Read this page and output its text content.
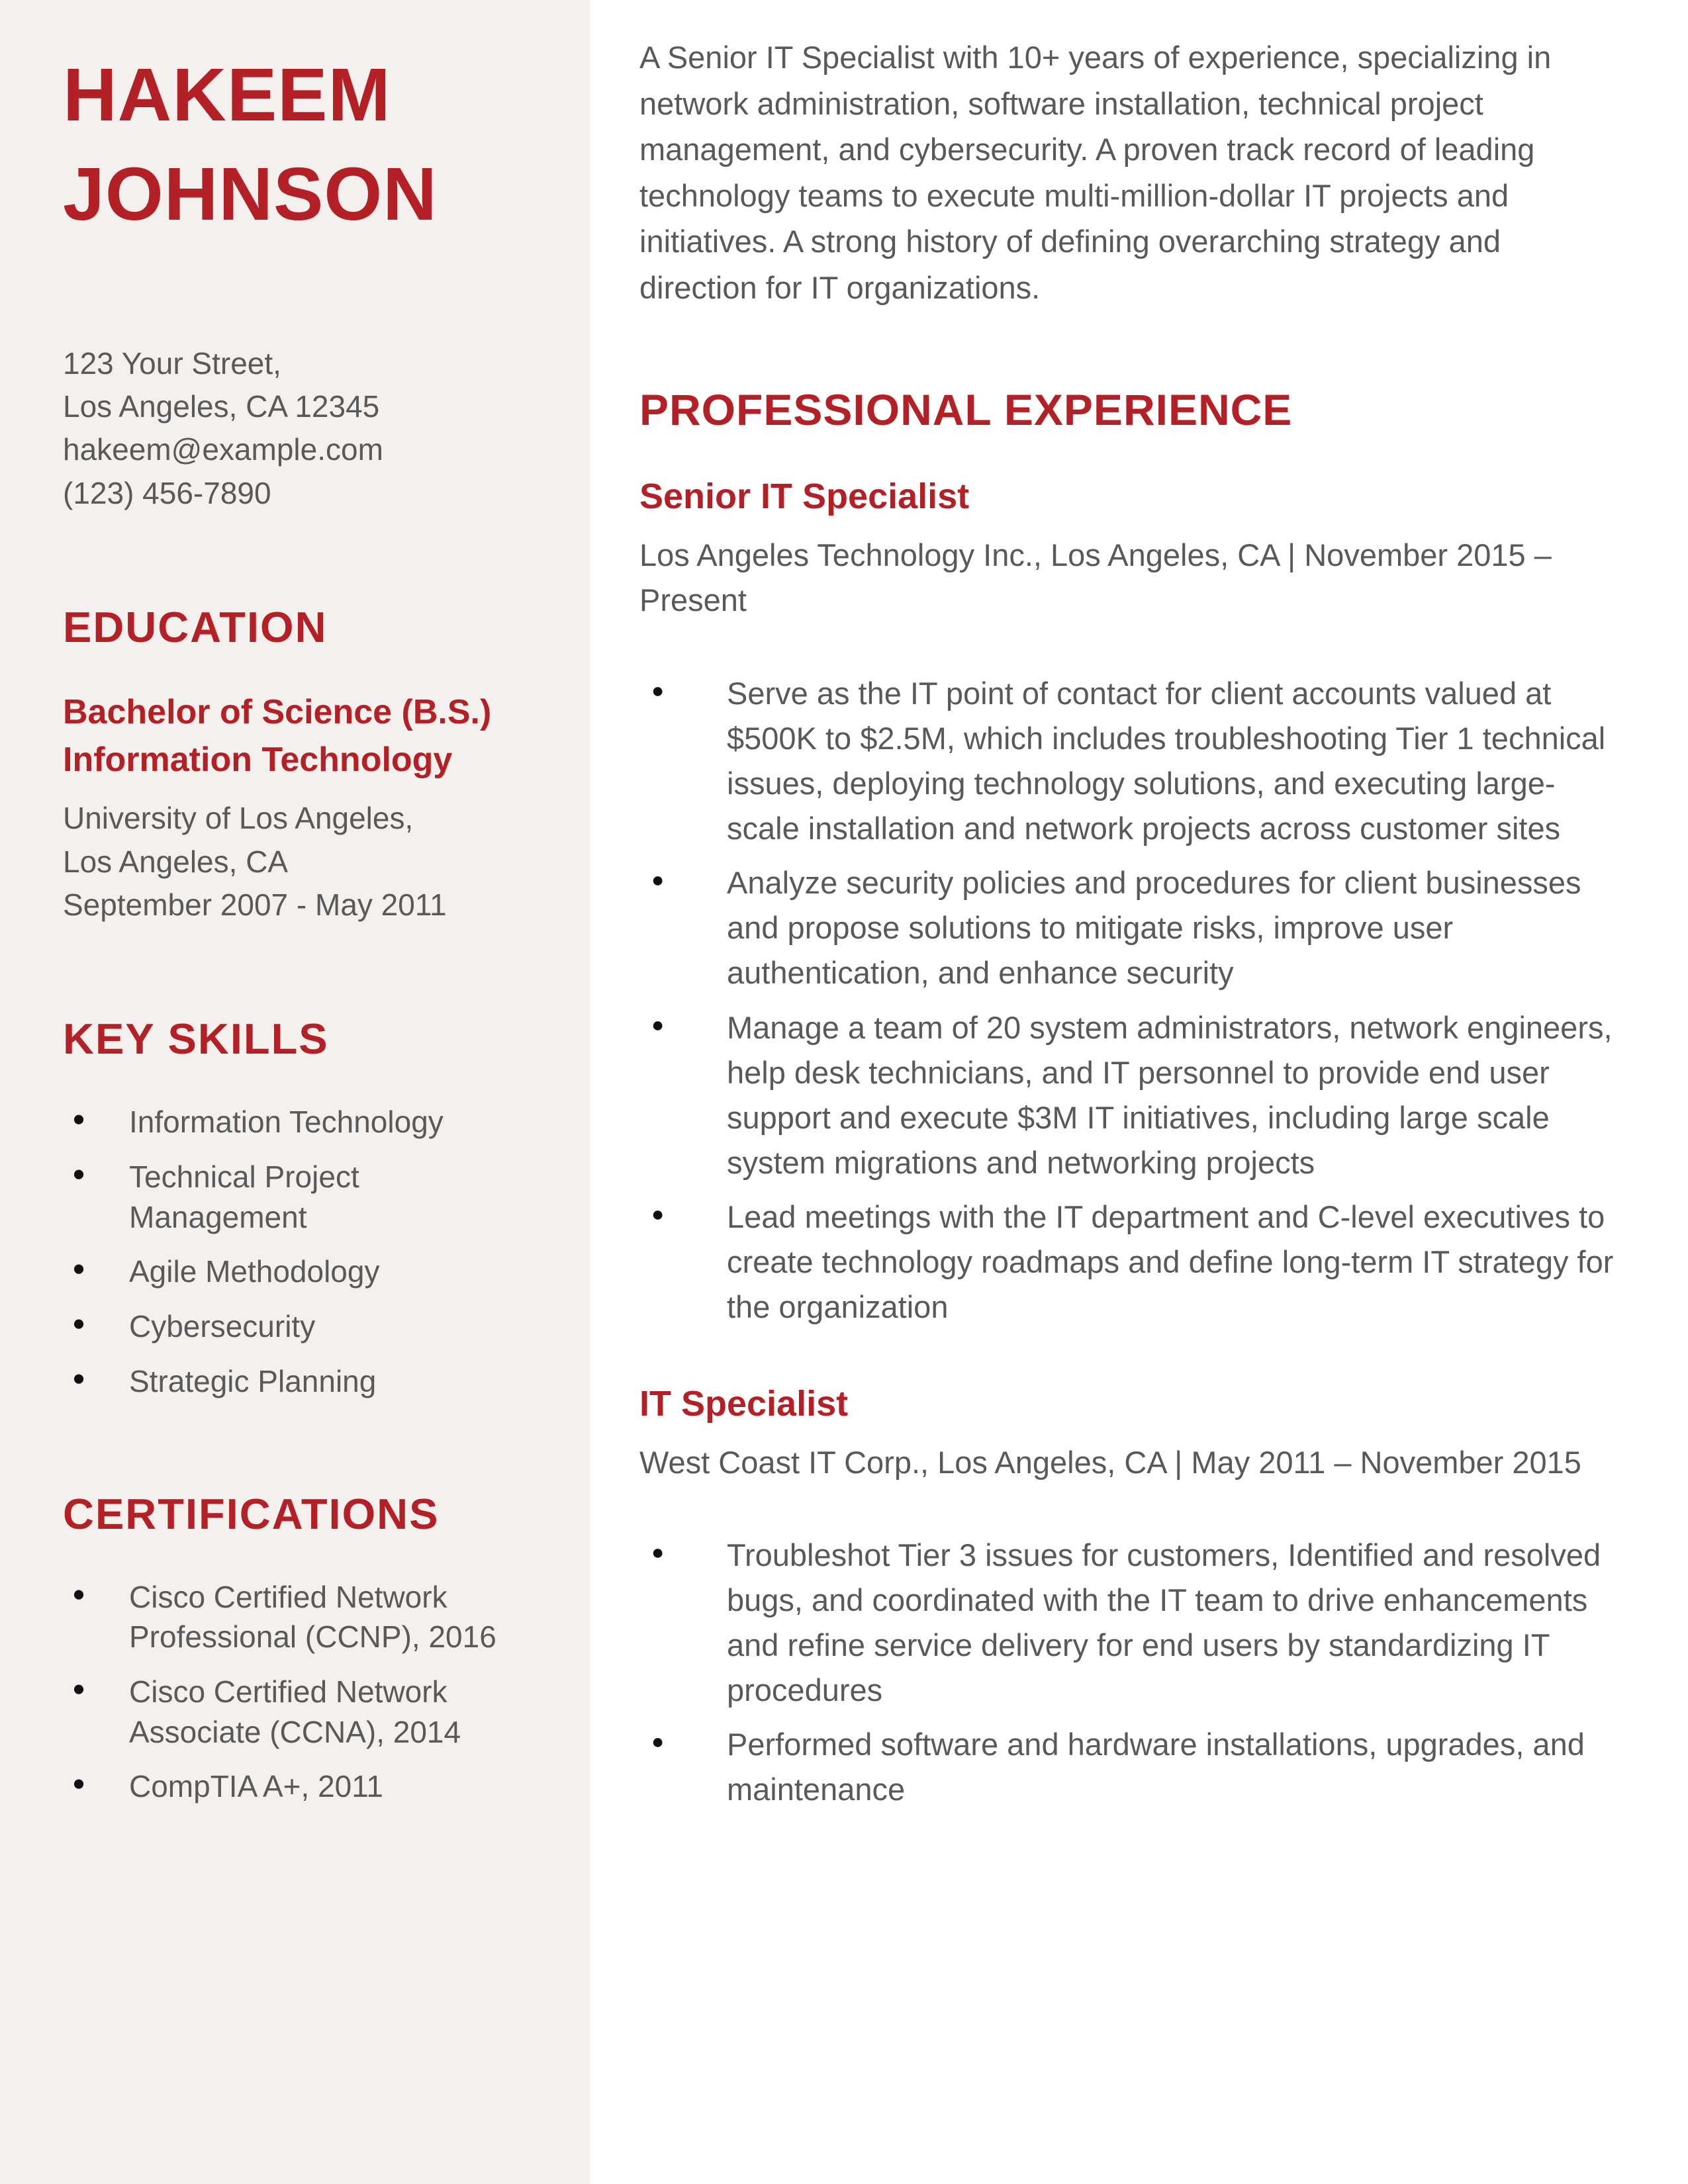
HAKEEM
JOHNSON
123 Your Street,
Los Angeles, CA 12345
hakeem@example.com
(123) 456-7890
EDUCATION
Bachelor of Science (B.S.)
Information Technology
University of Los Angeles,
Los Angeles, CA
September 2007 - May 2011
KEY SKILLS
● Information Technology
● Technical Project Management
● Agile Methodology
● Cybersecurity
● Strategic Planning
CERTIFICATIONS
● Cisco Certified Network Professional (CCNP), 2016
● Cisco Certified Network Associate (CCNA), 2014
● CompTIA A+, 2011
A Senior IT Specialist with 10+ years of experience, specializing in network administration, software installation, technical project management, and cybersecurity. A proven track record of leading technology teams to execute multi-million-dollar IT projects and initiatives. A strong history of defining overarching strategy and direction for IT organizations.
PROFESSIONAL EXPERIENCE
Senior IT Specialist
Los Angeles Technology Inc., Los Angeles, CA | November 2015 – Present
● Serve as the IT point of contact for client accounts valued at $500K to $2.5M, which includes troubleshooting Tier 1 technical issues, deploying technology solutions, and executing large-scale installation and network projects across customer sites
● Analyze security policies and procedures for client businesses and propose solutions to mitigate risks, improve user authentication, and enhance security
● Manage a team of 20 system administrators, network engineers, help desk technicians, and IT personnel to provide end user support and execute $3M IT initiatives, including large scale system migrations and networking projects
● Lead meetings with the IT department and C-level executives to create technology roadmaps and define long-term IT strategy for the organization
IT Specialist
West Coast IT Corp., Los Angeles, CA | May 2011 – November 2015
● Troubleshot Tier 3 issues for customers, Identified and resolved bugs, and coordinated with the IT team to drive enhancements and refine service delivery for end users by standardizing IT procedures
● Performed software and hardware installations, upgrades, and maintenance
